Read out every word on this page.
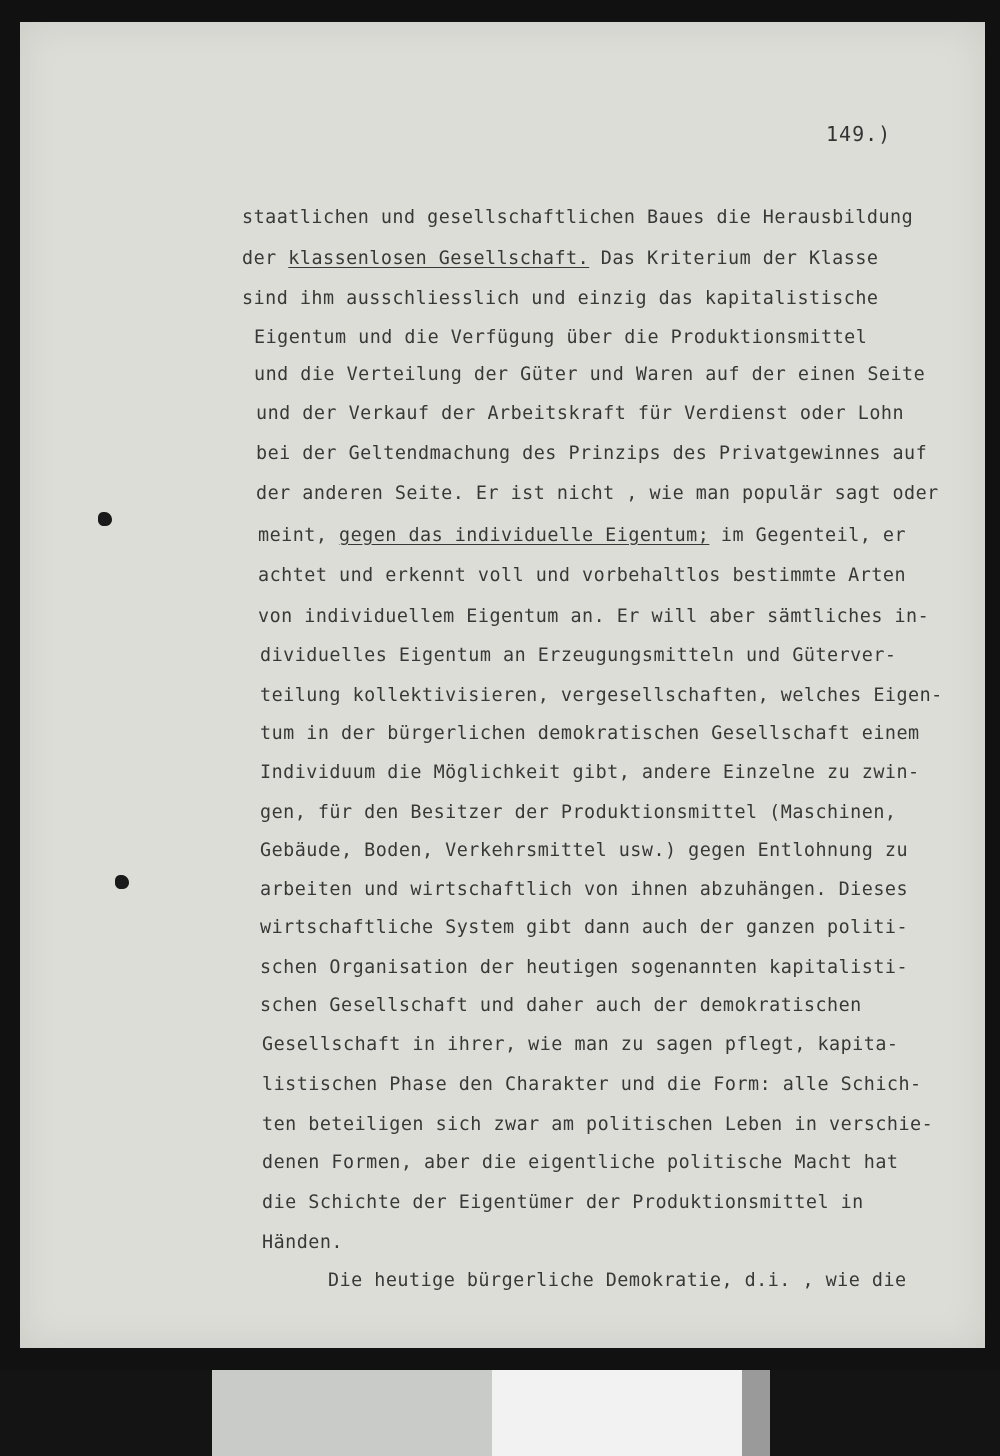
149.)
staatlichen und gesellschaftlichen Baues die Herausbildung
der klassenlosen Gesellschaft. Das Kriterium der Klasse
sind ihm ausschliesslich und einzig das kapitalistische
Eigentum und die Verfügung über die Produktionsmittel
und die Verteilung der Güter und Waren auf der einen Seite
und der Verkauf der Arbeitskraft für Verdienst oder Lohn
bei der Geltendmachung des Prinzips des Privatgewinnes auf
der anderen Seite. Er ist nicht , wie man populär sagt oder
meint, gegen das individuelle Eigentum; im Gegenteil, er
achtet und erkennt voll und vorbehaltlos bestimmte Arten
von individuellem Eigentum an. Er will aber sämtliches in-
dividuelles Eigentum an Erzeugungsmitteln und Güterver-
teilung kollektivisieren, vergesellschaften, welches Eigen-
tum in der bürgerlichen demokratischen Gesellschaft einem
Individuum die Möglichkeit gibt, andere Einzelne zu zwin-
gen, für den Besitzer der Produktionsmittel (Maschinen,
Gebäude, Boden, Verkehrsmittel usw.) gegen Entlohnung zu
arbeiten und wirtschaftlich von ihnen abzuhängen. Dieses
wirtschaftliche System gibt dann auch der ganzen politi-
schen Organisation der heutigen sogenannten kapitalisti-
schen Gesellschaft und daher auch der demokratischen
Gesellschaft in ihrer, wie man zu sagen pflegt, kapita-
listischen Phase den Charakter und die Form: alle Schich-
ten beteiligen sich zwar am politischen Leben in verschie-
denen Formen, aber die eigentliche politische Macht hat
die Schichte der Eigentümer der Produktionsmittel in
Händen.
Die heutige bürgerliche Demokratie, d.i. , wie die
